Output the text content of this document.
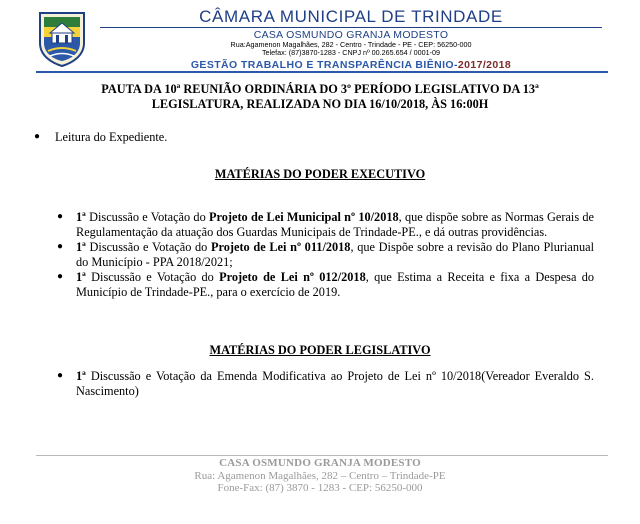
CÂMARA MUNICIPAL DE TRINDADE
CASA OSMUNDO GRANJA MODESTO
Rua:Agamenon Magalhães, 282 - Centro - Trindade - PE - CEP: 56250-000
Telefax: (87)3870-1283 - CNPJ nº 00.265.654 / 0001-09
GESTÃO TRABALHO E TRANSPARÊNCIA BIÊNIO-2017/2018
PAUTA DA 10ª REUNIÃO ORDINÁRIA DO 3º PERÍODO LEGISLATIVO DA 13ª
LEGISLATURA, REALIZADA NO DIA 16/10/2018, ÀS 16:00H
● Leitura do Expediente.
MATÉRIAS DO PODER EXECUTIVO
● 1ª Discussão e Votação do Projeto de Lei Municipal nº 10/2018, que dispõe sobre as Normas Gerais de Regulamentação da atuação dos Guardas Municipais de Trindade-PE., e dá outras providências.
● 1ª Discussão e Votação do Projeto de Lei nº 011/2018, que Dispõe sobre a revisão do Plano Plurianual do Município - PPA 2018/2021;
● 1ª Discussão e Votação do Projeto de Lei nº 012/2018, que Estima a Receita e fixa a Despesa do Município de Trindade-PE., para o exercício de 2019.
MATÉRIAS DO PODER LEGISLATIVO
● 1ª Discussão e Votação da Emenda Modificativa ao Projeto de Lei nº 10/2018(Vereador Everaldo S. Nascimento)
CASA OSMUNDO GRANJA MODESTO
Rua: Agamenon Magalhães, 282 – Centro – Trindade-PE
Fone-Fax: (87) 3870 - 1283 - CEP: 56250-000
